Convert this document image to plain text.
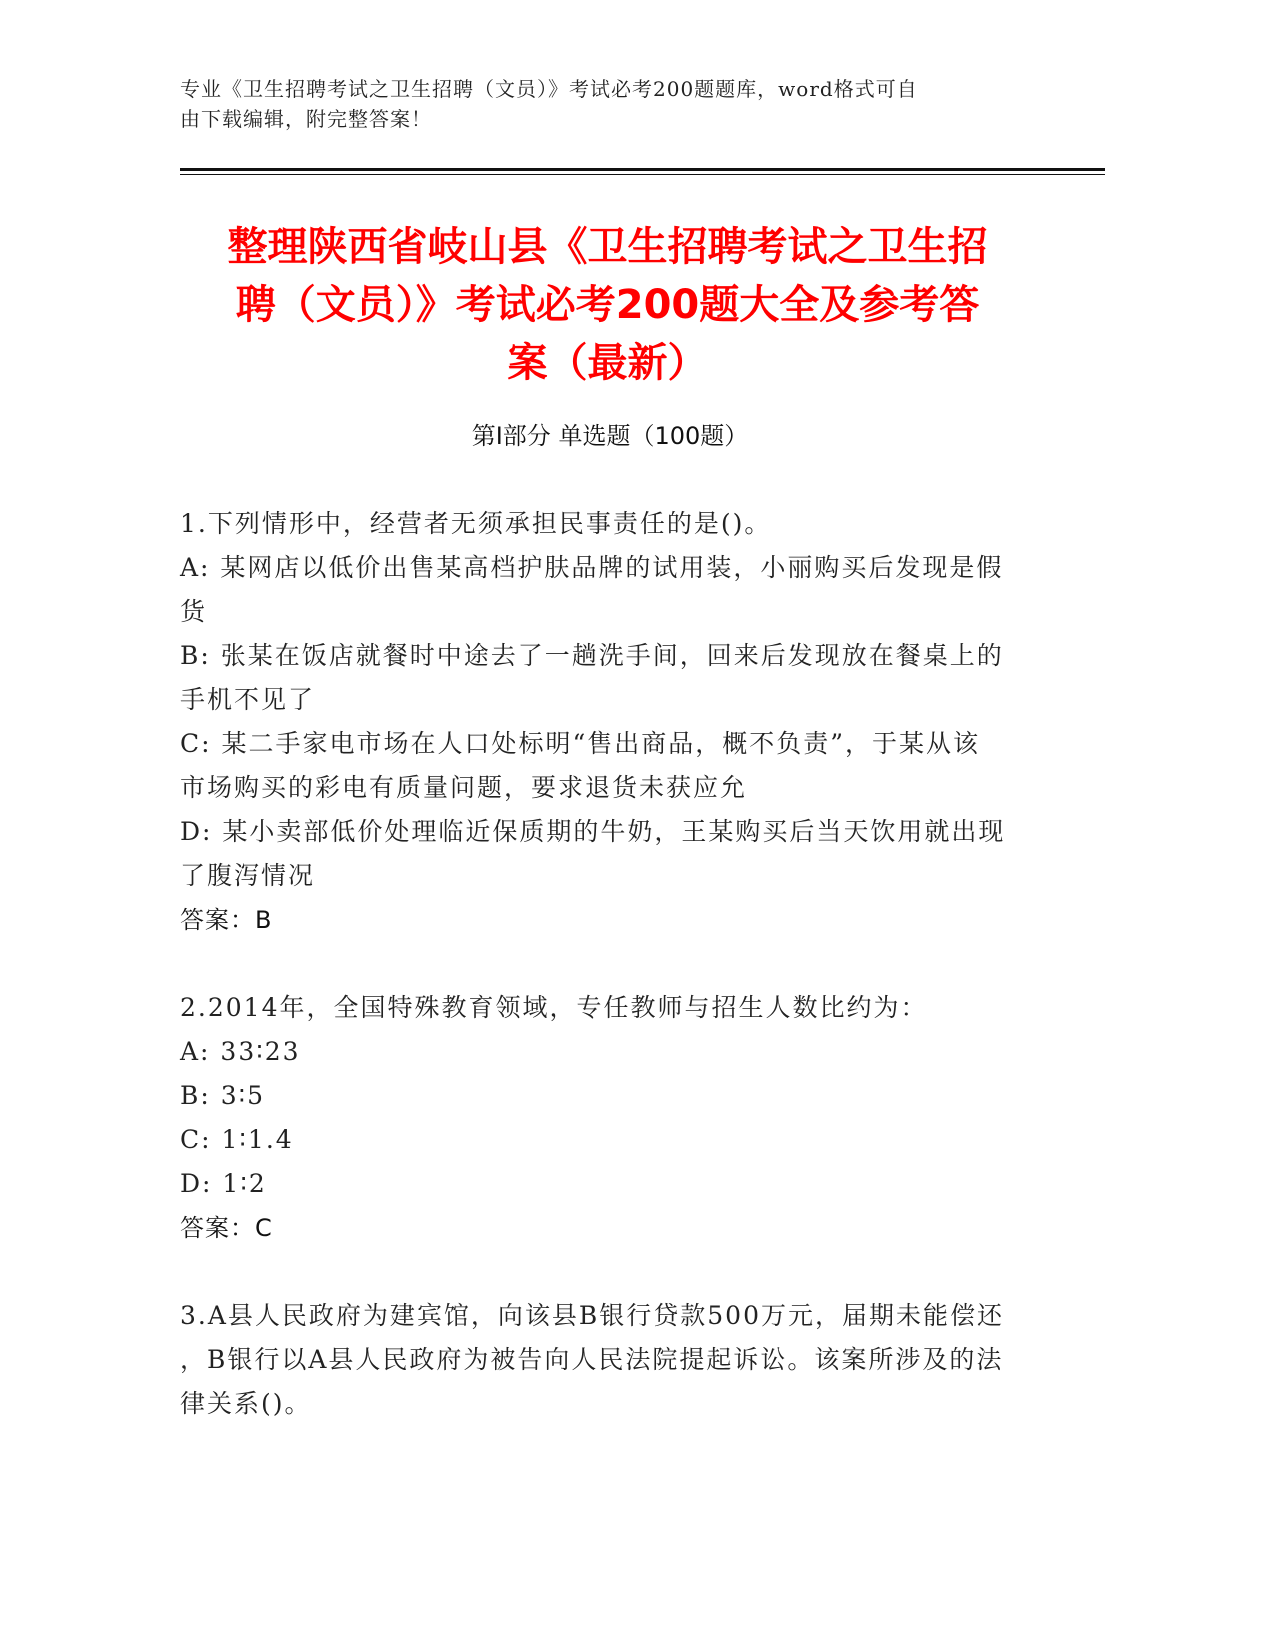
专业《卫生招聘考试之卫生招聘（文员）》考试必考200题题库，word格式可自
由下载编辑，附完整答案！
整理陕西省岐山县《卫生招聘考试之卫生招
聘（文员）》考试必考200题大全及参考答
案（最新）
第Ⅰ部分 单选题（100题）

1.下列情形中，经营者无须承担民事责任的是()。

A: 某网店以低价出售某高档护肤品牌的试用装，小丽购买后发现是假

货

B: 张某在饭店就餐时中途去了一趟洗手间，回来后发现放在餐桌上的

手机不见了

C: 某二手家电市场在人口处标明“售出商品，概不负责”，于某从该

市场购买的彩电有质量问题，要求退货未获应允

D: 某小卖部低价处理临近保质期的牛奶，王某购买后当天饮用就出现

了腹泻情况

答案：B

2.2014年，全国特殊教育领域，专任教师与招生人数比约为：

A: 33∶23

B: 3∶5

C: 1∶1.4

D: 1∶2

答案：C

3.A县人民政府为建宾馆，向该县B银行贷款500万元，届期未能偿还

，B银行以A县人民政府为被告向人民法院提起诉讼。该案所涉及的法

律关系()。
